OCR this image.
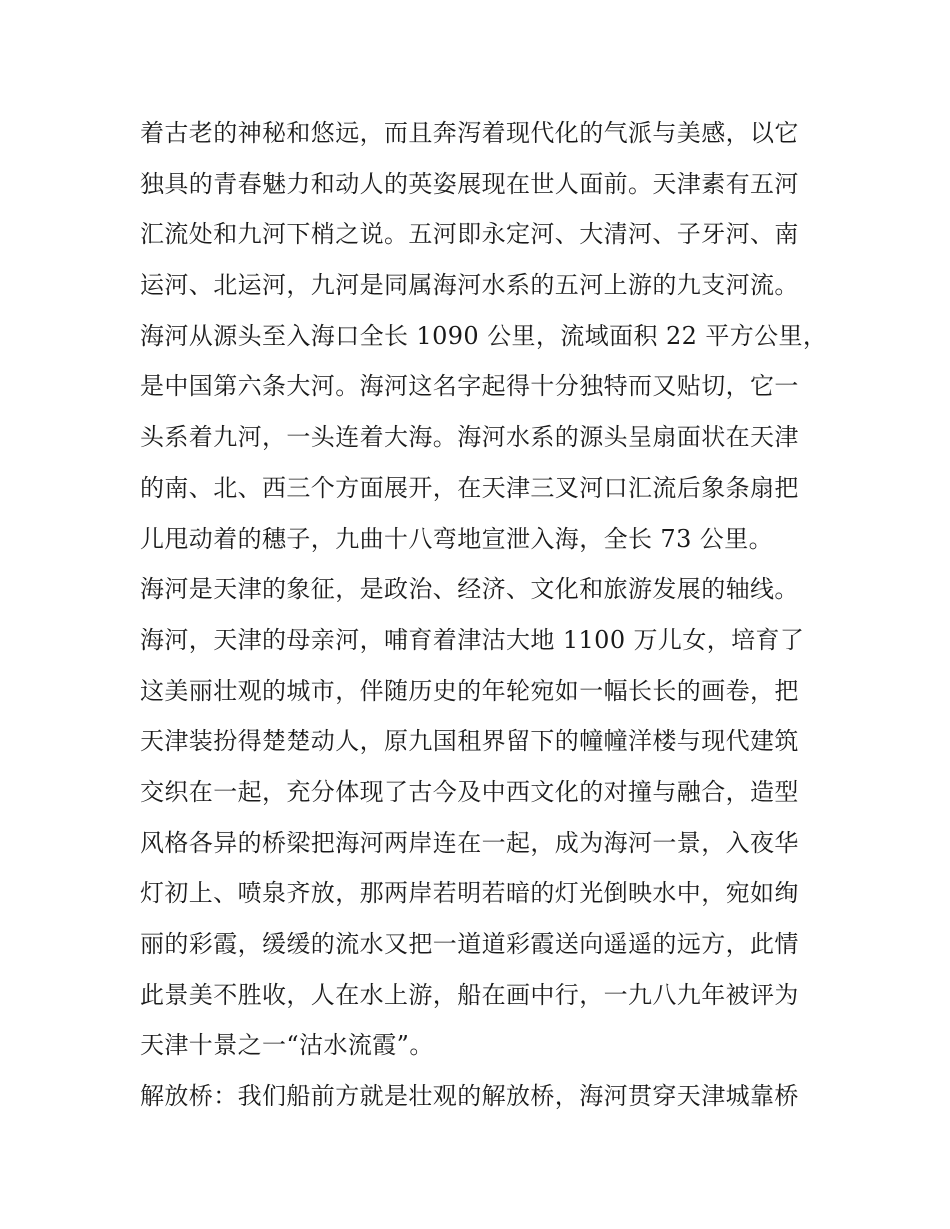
着古老的神秘和悠远，而且奔泻着现代化的气派与美感，以它
独具的青春魅力和动人的英姿展现在世人面前。天津素有五河
汇流处和九河下梢之说。五河即永定河、大清河、子牙河、南
运河、北运河，九河是同属海河水系的五河上游的九支河流。
海河从源头至入海口全长 1090 公里，流域面积 22 平方公里，
是中国第六条大河。海河这名字起得十分独特而又贴切，它一
头系着九河，一头连着大海。海河水系的源头呈扇面状在天津
的南、北、西三个方面展开，在天津三叉河口汇流后象条扇把
儿甩动着的穗子，九曲十八弯地宣泄入海，全长 73 公里。
海河是天津的象征，是政治、经济、文化和旅游发展的轴线。
海河，天津的母亲河，哺育着津沽大地 1100 万儿女，培育了
这美丽壮观的城市，伴随历史的年轮宛如一幅长长的画卷，把
天津装扮得楚楚动人，原九国租界留下的幢幢洋楼与现代建筑
交织在一起，充分体现了古今及中西文化的对撞与融合，造型
风格各异的桥梁把海河两岸连在一起，成为海河一景，入夜华
灯初上、喷泉齐放，那两岸若明若暗的灯光倒映水中，宛如绚
丽的彩霞，缓缓的流水又把一道道彩霞送向遥遥的远方，此情
此景美不胜收，人在水上游，船在画中行，一九八九年被评为
天津十景之一“沽水流霞”。
解放桥：我们船前方就是壮观的解放桥，海河贯穿天津城靠桥
